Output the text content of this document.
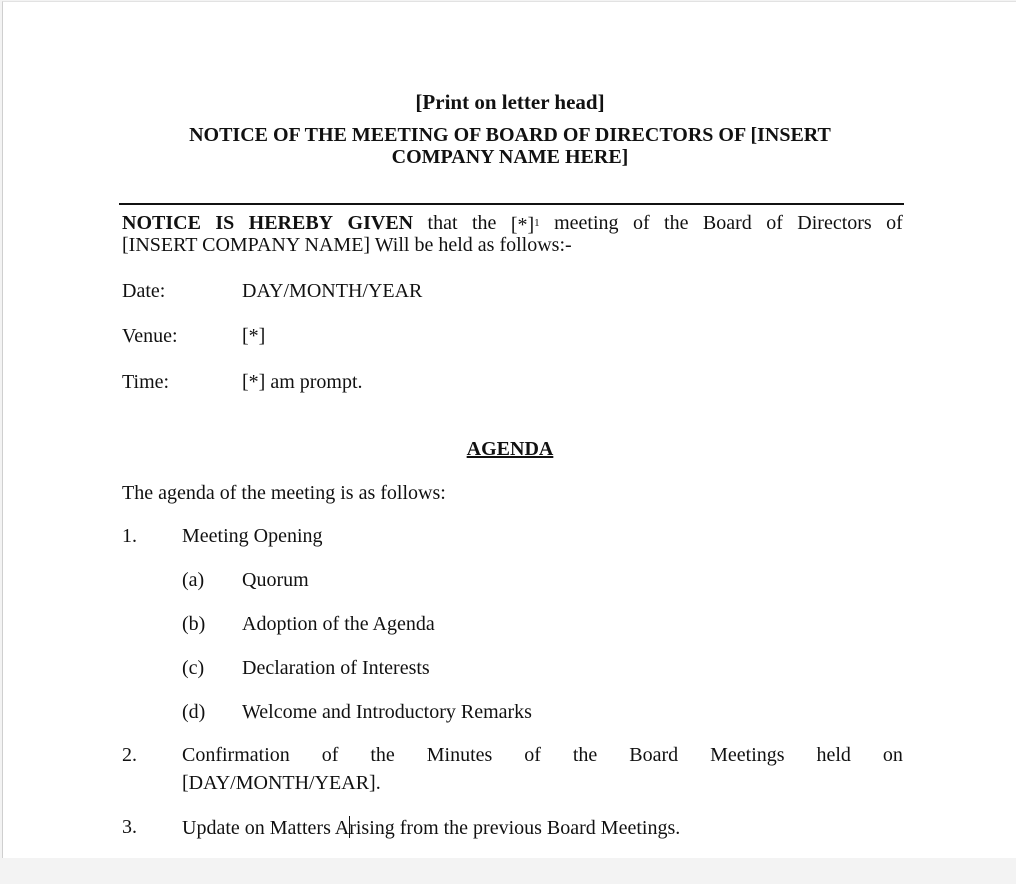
[Print on letter head]
NOTICE OF THE MEETING OF BOARD OF DIRECTORS OF [INSERT
COMPANY NAME HERE]
NOTICE IS HEREBY GIVEN that the $[*]^1$ meeting of the Board of Directors of
[INSERT COMPANY NAME] Will be held as follows:-
Date:	DAY/MONTH/YEAR
Venue:	[*]
Time:	[*] am prompt.
AGENDA
The agenda of the meeting is as follows:
1. Meeting Opening
(a) Quorum
(b) Adoption of the Agenda
(c) Declaration of Interests
(d) Welcome and Introductory Remarks
2. Confirmation of the Minutes of the Board Meetings held on
[DAY/MONTH/YEAR].
3. Update on Matters Arising from the previous Board Meetings.
